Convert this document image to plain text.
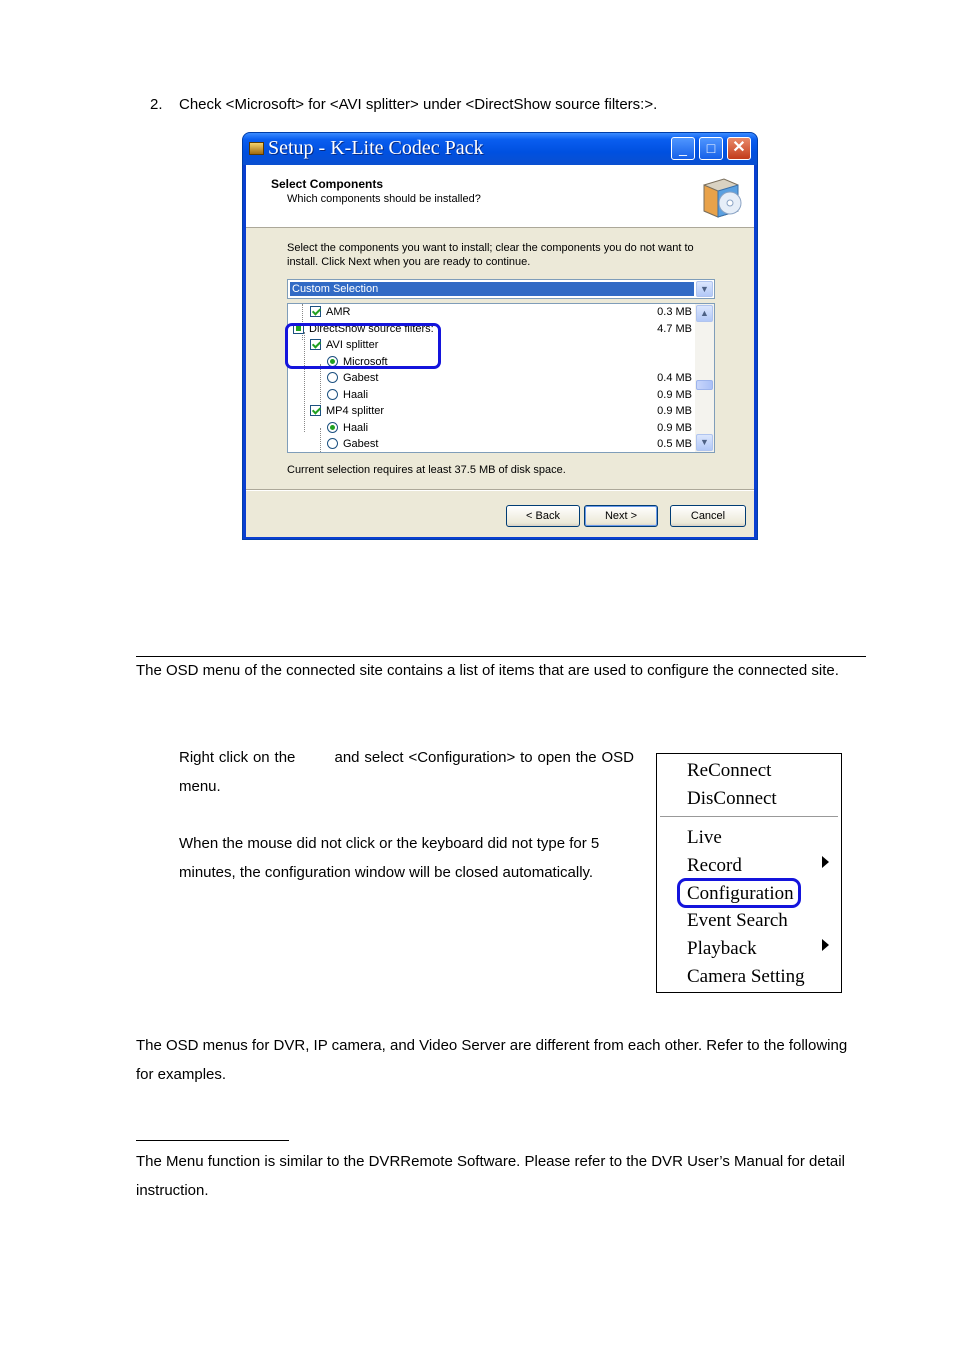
2. Check <Microsoft> for <AVI splitter> under <DirectShow source filters:>.
Setup - K-Lite Codec Pack	_	□	✕
Select Components
Which components should be installed?
Select the components you want to install; clear the components you do not want to install. Click Next when you are ready to continue.
Custom Selection	▼
AMR	0.3 MB
DirectShow source filters:	4.7 MB
AVI splitter
Microsoft
Gabest	0.4 MB
Haali	0.9 MB
MP4 splitter	0.9 MB
Haali	0.9 MB
Gabest	0.5 MB
▲
▼
Current selection requires at least 37.5 MB of disk space.
< Back	Next >	Cancel
The OSD menu of the connected site contains a list of items that are used to configure the connected site.
Right click on the        and select <Configuration> to open the OSD menu.
When the mouse did not click or the keyboard did not type for 5 minutes, the configuration window will be closed automatically.
ReConnect
DisConnect
Live
Record
Configuration
Event Search
Playback
Camera Setting
The OSD menus for DVR, IP camera, and Video Server are different from each other. Refer to the following for examples.
The Menu function is similar to the DVRRemote Software. Please refer to the DVR User’s Manual for detail instruction.
